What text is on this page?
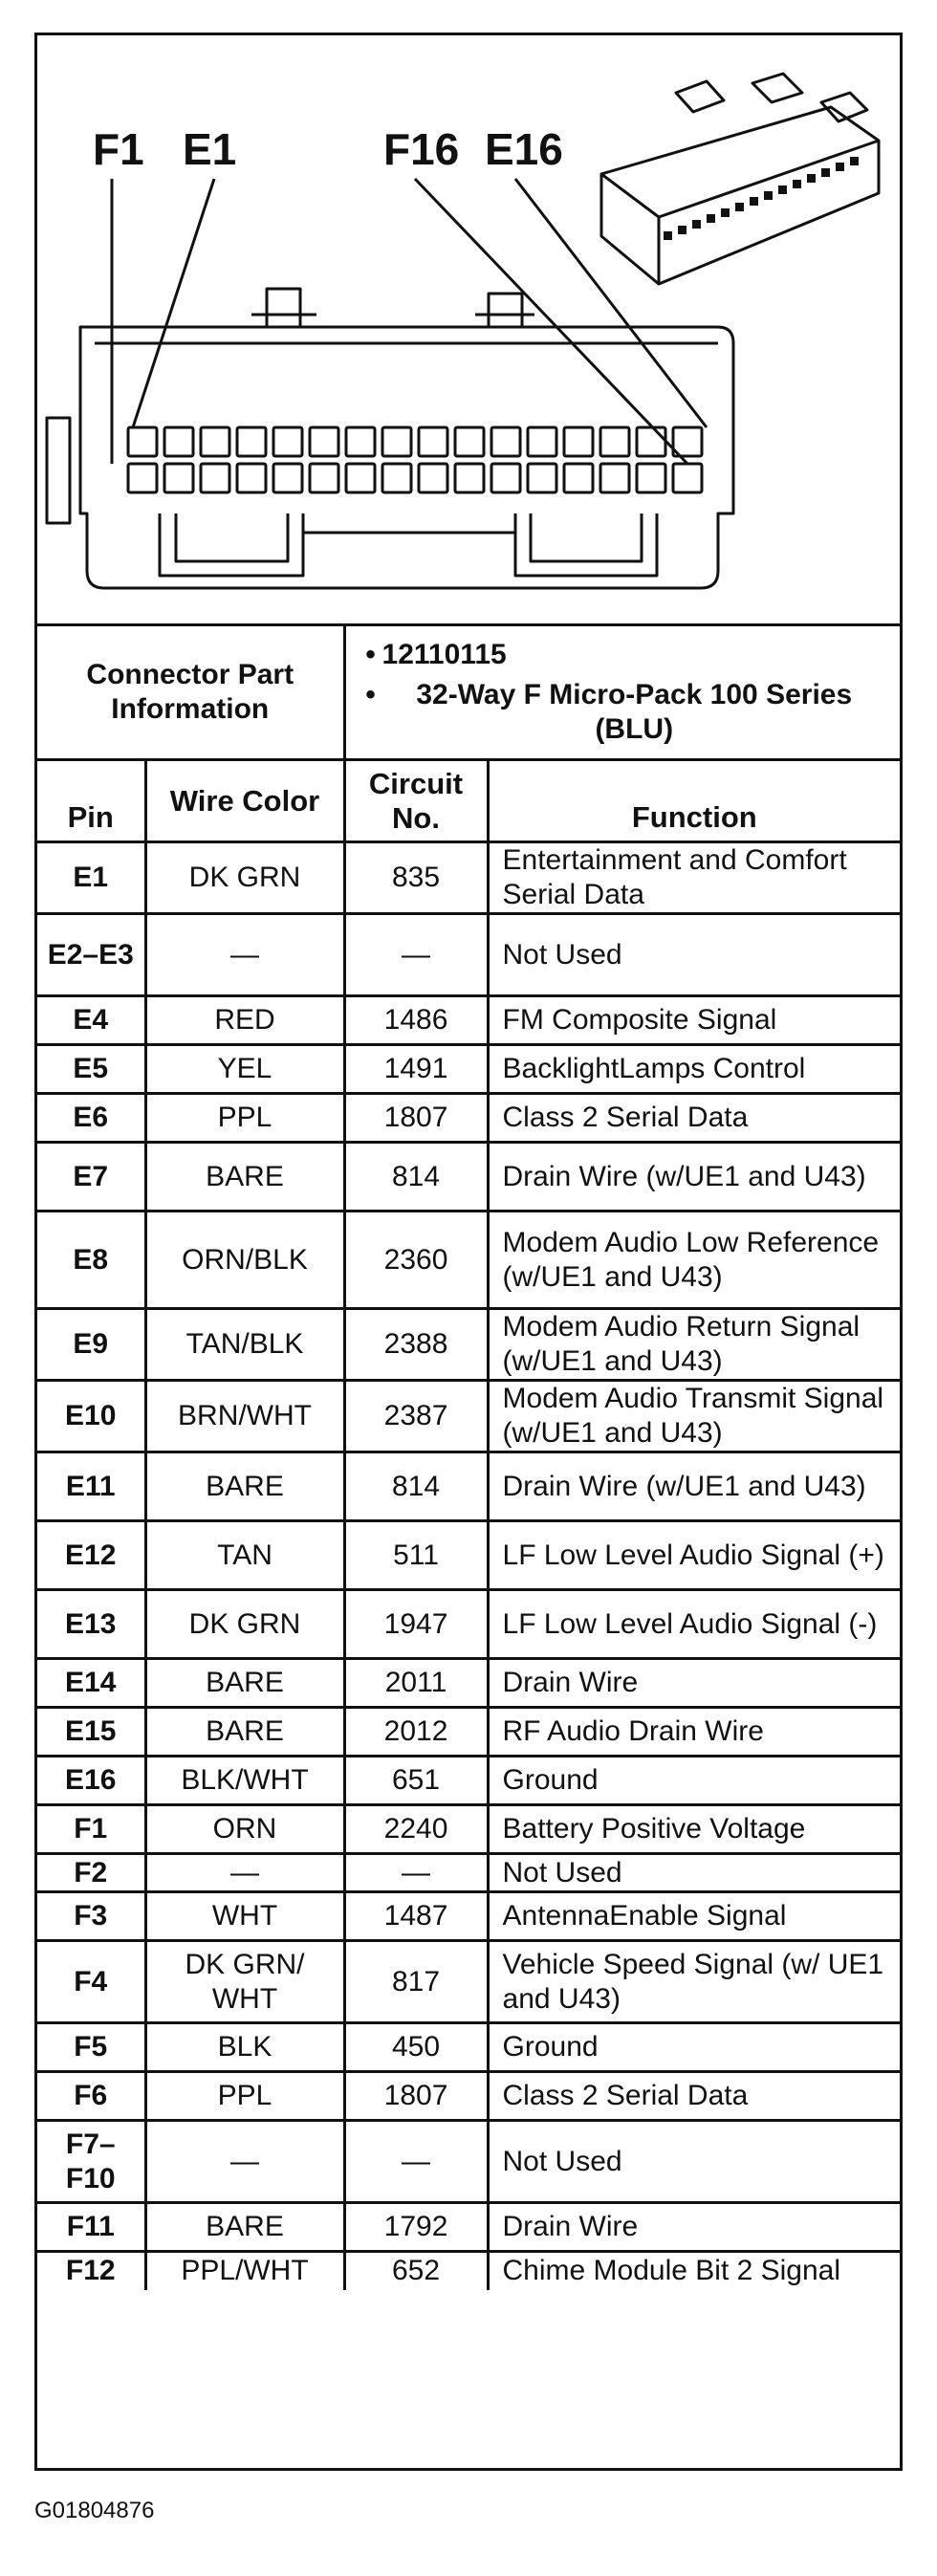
F1 E1	F16 E16
Connector Part Information		• 12110115
• 32-Way F Micro-Pack 100 Series (BLU)	

Pin	Wire Color	Circuit No.	Function
E1	DK GRN	835	Entertainment and Comfort Serial Data
E2–E3	—	—	Not Used
E4	RED	1486	FM Composite Signal
E5	YEL	1491	BacklightLamps Control
E6	PPL	1807	Class 2 Serial Data
E7	BARE	814	Drain Wire (w/UE1 and U43)
E8	ORN/BLK	2360	Modem Audio Low Reference (w/UE1 and U43)
E9	TAN/BLK	2388	Modem Audio Return Signal (w/UE1 and U43)
E10	BRN/WHT	2387	Modem Audio Transmit Signal (w/UE1 and U43)
E11	BARE	814	Drain Wire (w/UE1 and U43)
E12	TAN	511	LF Low Level Audio Signal (+)
E13	DK GRN	1947	LF Low Level Audio Signal (-)
E14	BARE	2011	Drain Wire
E15	BARE	2012	RF Audio Drain Wire
E16	BLK/WHT	651	Ground
F1	ORN	2240	Battery Positive Voltage
F2	—	—	Not Used
F3	WHT	1487	AntennaEnable Signal
F4	DK GRN/ WHT	817	Vehicle Speed Signal (w/ UE1 and U43)
F5	BLK	450	Ground
F6	PPL	1807	Class 2 Serial Data
F7–F10	—	—	Not Used
F11	BARE	1792	Drain Wire
F12	PPL/WHT	652	Chime Module Bit 2 Signal
G01804876
